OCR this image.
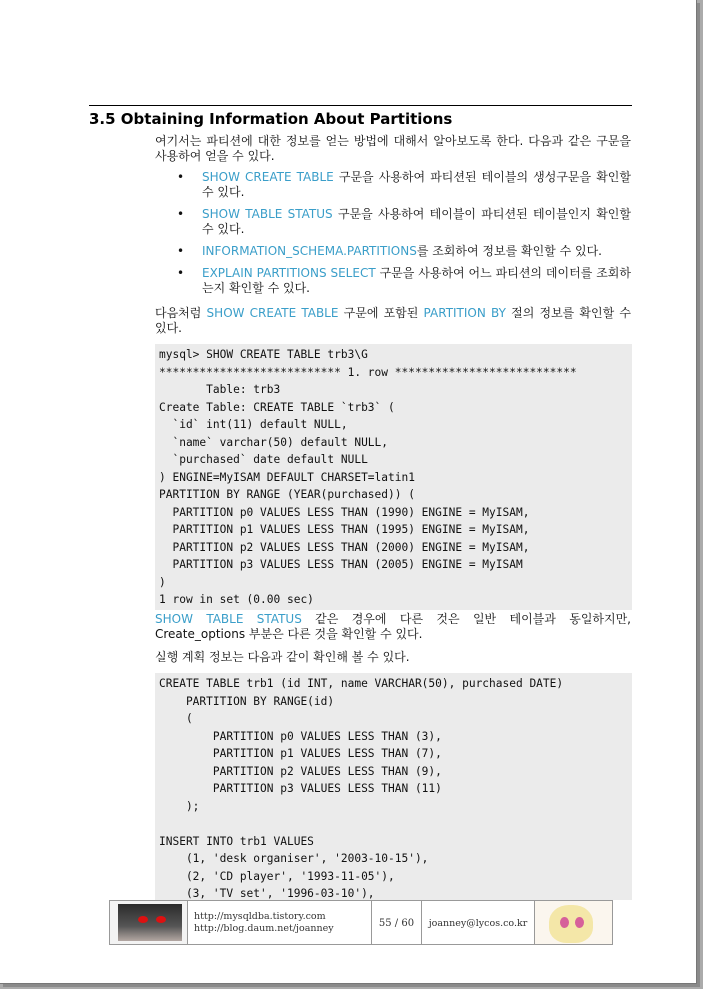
3.5 Obtaining Information About Partitions
여기서는 파티션에 대한 정보를 얻는 방법에 대해서 알아보도록 한다. 다음과 같은 구문을 사용하여 얻을 수 있다.
• SHOW CREATE TABLE 구문을 사용하여 파티션된 테이블의 생성구문을 확인할 수 있다.
• SHOW TABLE STATUS 구문을 사용하여 테이블이 파티션된 테이블인지 확인할 수 있다.
• INFORMATION_SCHEMA.PARTITIONS를 조회하여 정보를 확인할 수 있다.
• EXPLAIN PARTITIONS SELECT 구문을 사용하여 어느 파티션의 데이터를 조회하는지 확인할 수 있다.
다음처럼 SHOW CREATE TABLE 구문에 포함된 PARTITION BY 절의 정보를 확인할 수 있다.
mysql> SHOW CREATE TABLE trb3\G
*************************** 1. row ***************************
Table: trb3
Create Table: CREATE TABLE `trb3` (
`id` int(11) default NULL,
`name` varchar(50) default NULL,
`purchased` date default NULL
) ENGINE=MyISAM DEFAULT CHARSET=latin1
PARTITION BY RANGE (YEAR(purchased)) (
PARTITION p0 VALUES LESS THAN (1990) ENGINE = MyISAM,
PARTITION p1 VALUES LESS THAN (1995) ENGINE = MyISAM,
PARTITION p2 VALUES LESS THAN (2000) ENGINE = MyISAM,
PARTITION p3 VALUES LESS THAN (2005) ENGINE = MyISAM
)
1 row in set (0.00 sec)
SHOW TABLE STATUS 같은 경우에 다른 것은 일반 테이블과 동일하지만, Create_options 부분은 다른 것을 확인할 수 있다.
실행 계획 정보는 다음과 같이 확인해 볼 수 있다.
CREATE TABLE trb1 (id INT, name VARCHAR(50), purchased DATE)
PARTITION BY RANGE(id)
(
PARTITION p0 VALUES LESS THAN (3),
PARTITION p1 VALUES LESS THAN (7),
PARTITION p2 VALUES LESS THAN (9),
PARTITION p3 VALUES LESS THAN (11)
);
INSERT INTO trb1 VALUES
(1, 'desk organiser', '2003-10-15'),
(2, 'CD player', '1993-11-05'),
(3, 'TV set', '1996-03-10'),
http://mysqldba.tistory.com
http://blog.daum.net/joanney	55 / 60	joanney@lycos.co.kr
